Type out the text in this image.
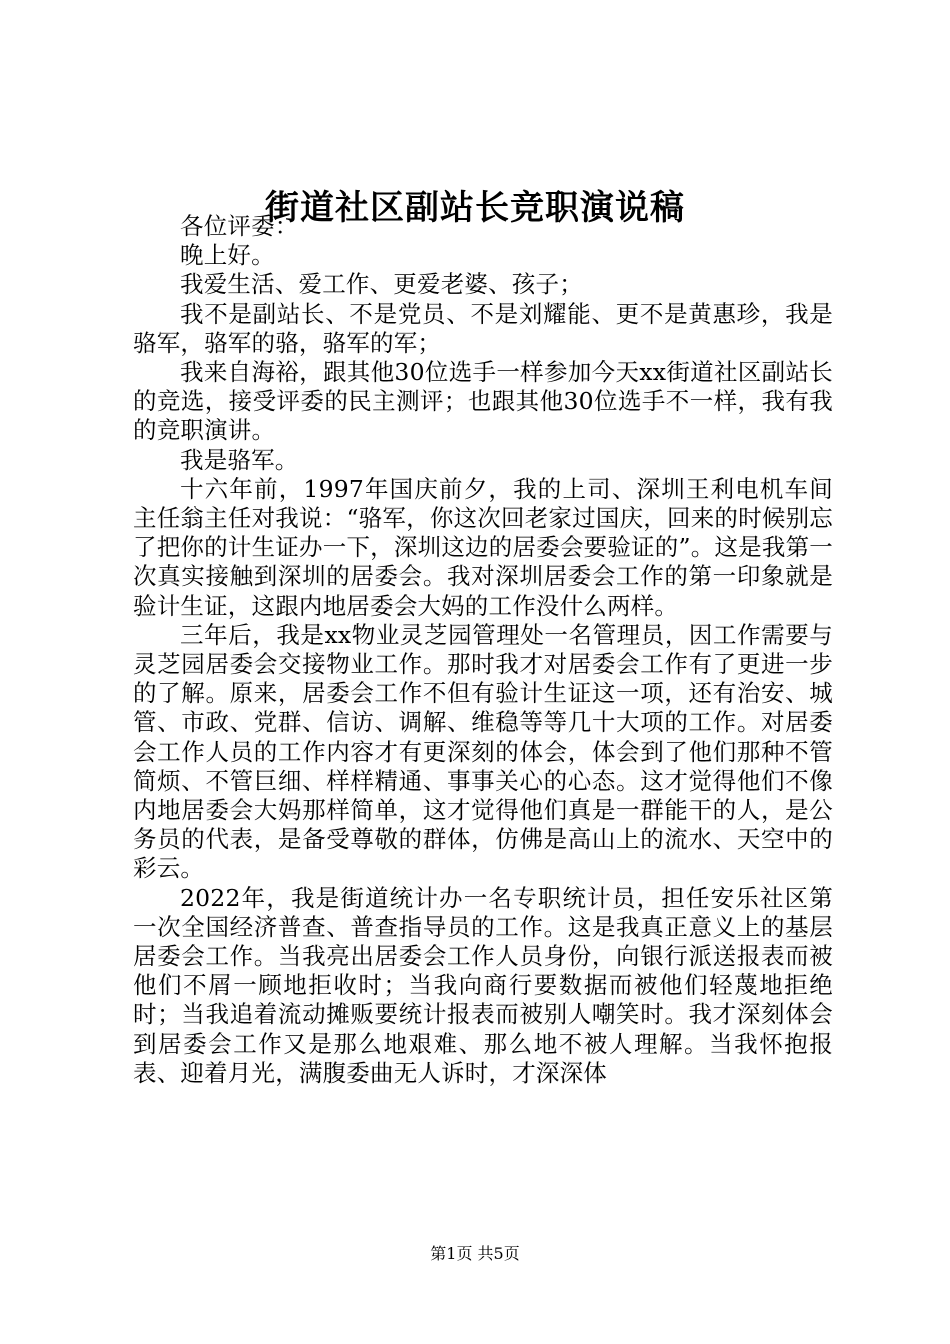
街道社区副站长竞职演说稿

各位评委：

晚上好。

我爱生活、爱工作、更爱老婆、孩子；

我不是副站长、不是党员、不是刘耀能、更不是黄惠珍，我是骆军，骆军的骆，骆军的军；

我来自海裕，跟其他30位选手一样参加今天xx街道社区副站长的竞选，接受评委的民主测评；也跟其他30位选手不一样，我有我的竞职演讲。

我是骆军。

十六年前，1997年国庆前夕，我的上司、深圳王利电机车间主任翁主任对我说：“骆军，你这次回老家过国庆，回来的时候别忘了把你的计生证办一下，深圳这边的居委会要验证的”。这是我第一次真实接触到深圳的居委会。我对深圳居委会工作的第一印象就是验计生证，这跟内地居委会大妈的工作没什么两样。

三年后，我是xx物业灵芝园管理处一名管理员，因工作需要与灵芝园居委会交接物业工作。那时我才对居委会工作有了更进一步的了解。原来，居委会工作不但有验计生证这一项，还有治安、城管、市政、党群、信访、调解、维稳等等几十大项的工作。对居委会工作人员的工作内容才有更深刻的体会，体会到了他们那种不管简烦、不管巨细、样样精通、事事关心的心态。这才觉得他们不像内地居委会大妈那样简单，这才觉得他们真是一群能干的人，是公务员的代表，是备受尊敬的群体，仿佛是高山上的流水、天空中的彩云。

2022年，我是街道统计办一名专职统计员，担任安乐社区第一次全国经济普查、普查指导员的工作。这是我真正意义上的基层居委会工作。当我亮出居委会工作人员身份，向银行派送报表而被他们不屑一顾地拒收时；当我向商行要数据而被他们轻蔑地拒绝时；当我追着流动摊贩要统计报表而被别人嘲笑时。我才深刻体会到居委会工作又是那么地艰难、那么地不被人理解。当我怀抱报表、迎着月光，满腹委曲无人诉时，才深深体

第1页 共5页
